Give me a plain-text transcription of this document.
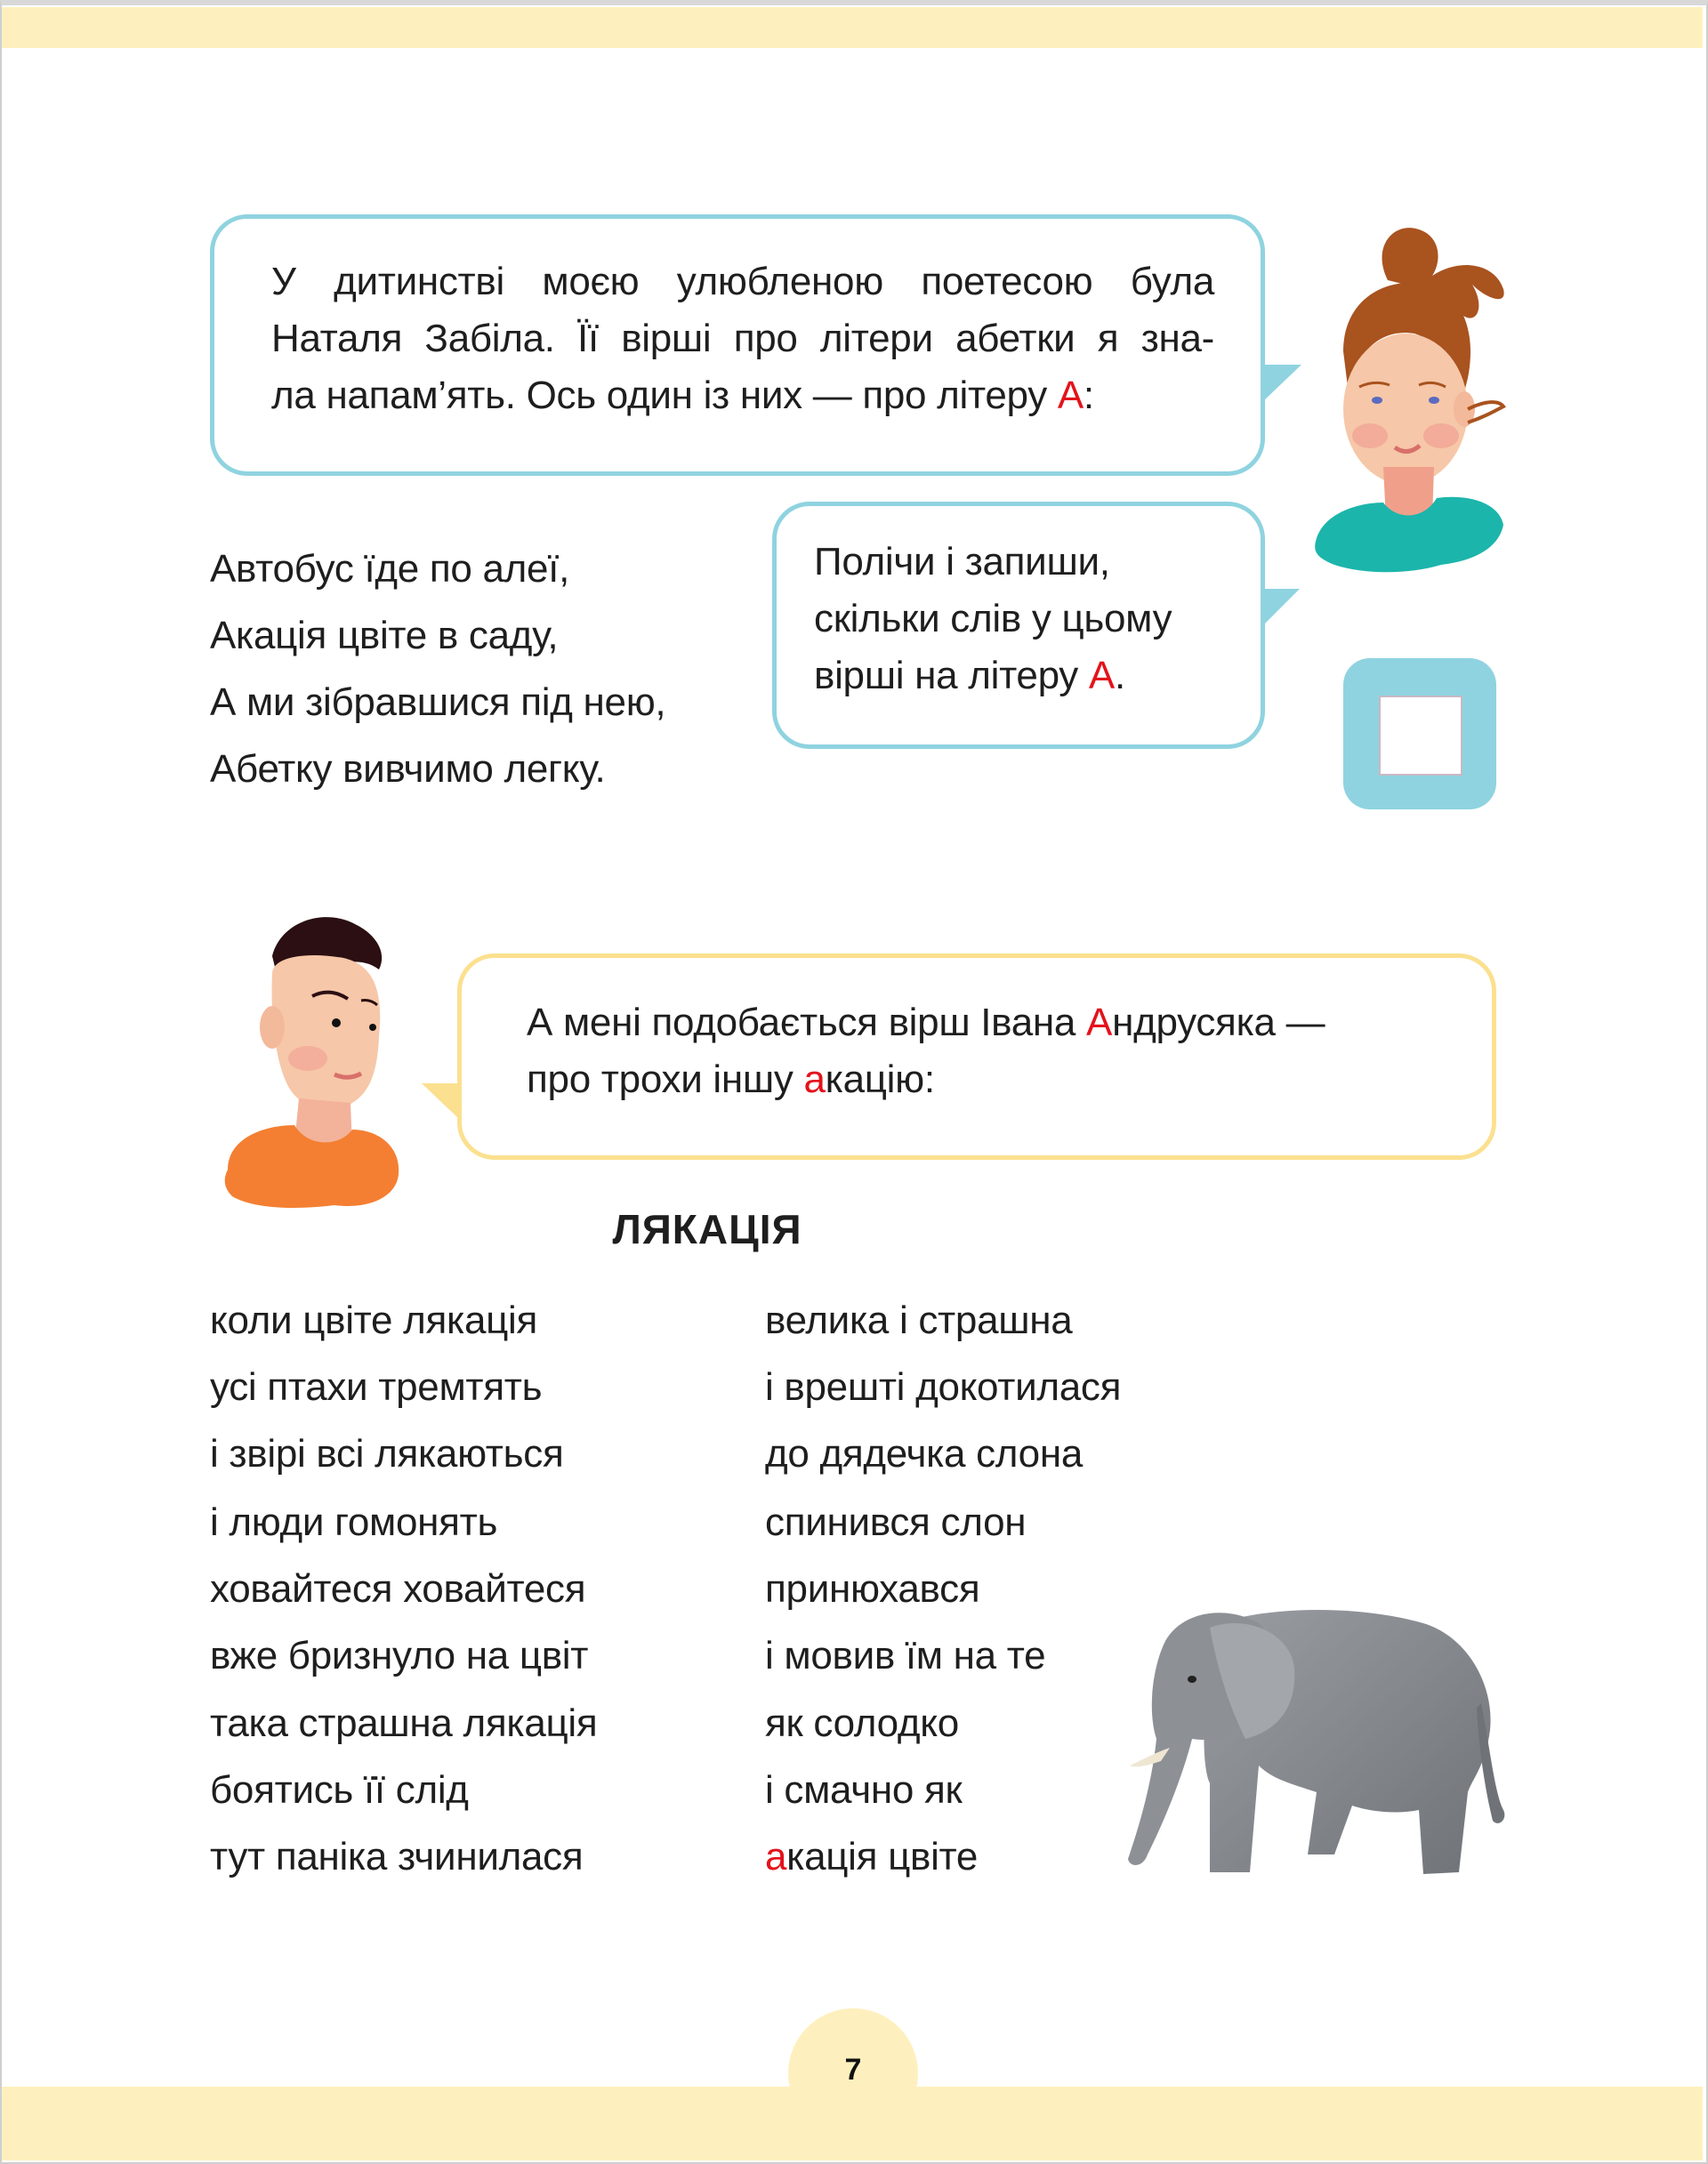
У дитинстві моєю улюбленою поетесою була
Наталя Забіла. Її вірші про літери абетки я зна-
ла напам’ять. Ось один із них — про літеру А:
Автобус їде по алеї,
Акація цвіте в саду,
А ми зібравшися під нею,
Абетку вивчимо легку.
Полічи і запиши,
скільки слів у цьому
вірші на літеру А.
А мені подобається вірш Івана Андрусяка —
про трохи іншу акацію:
ЛЯКАЦІЯ
коли цвіте лякація
усі птахи тремтять
і звірі всі лякаються
і люди гомонять
ховайтеся ховайтеся
вже бризнуло на цвіт
така страшна лякація
боятись її слід
тут паніка зчинилася
велика і страшна
і врешті докотилася
до дядечка слона
спинився слон
принюхався
і мовив їм на те
як солодко
і смачно як
акація цвіте
7
